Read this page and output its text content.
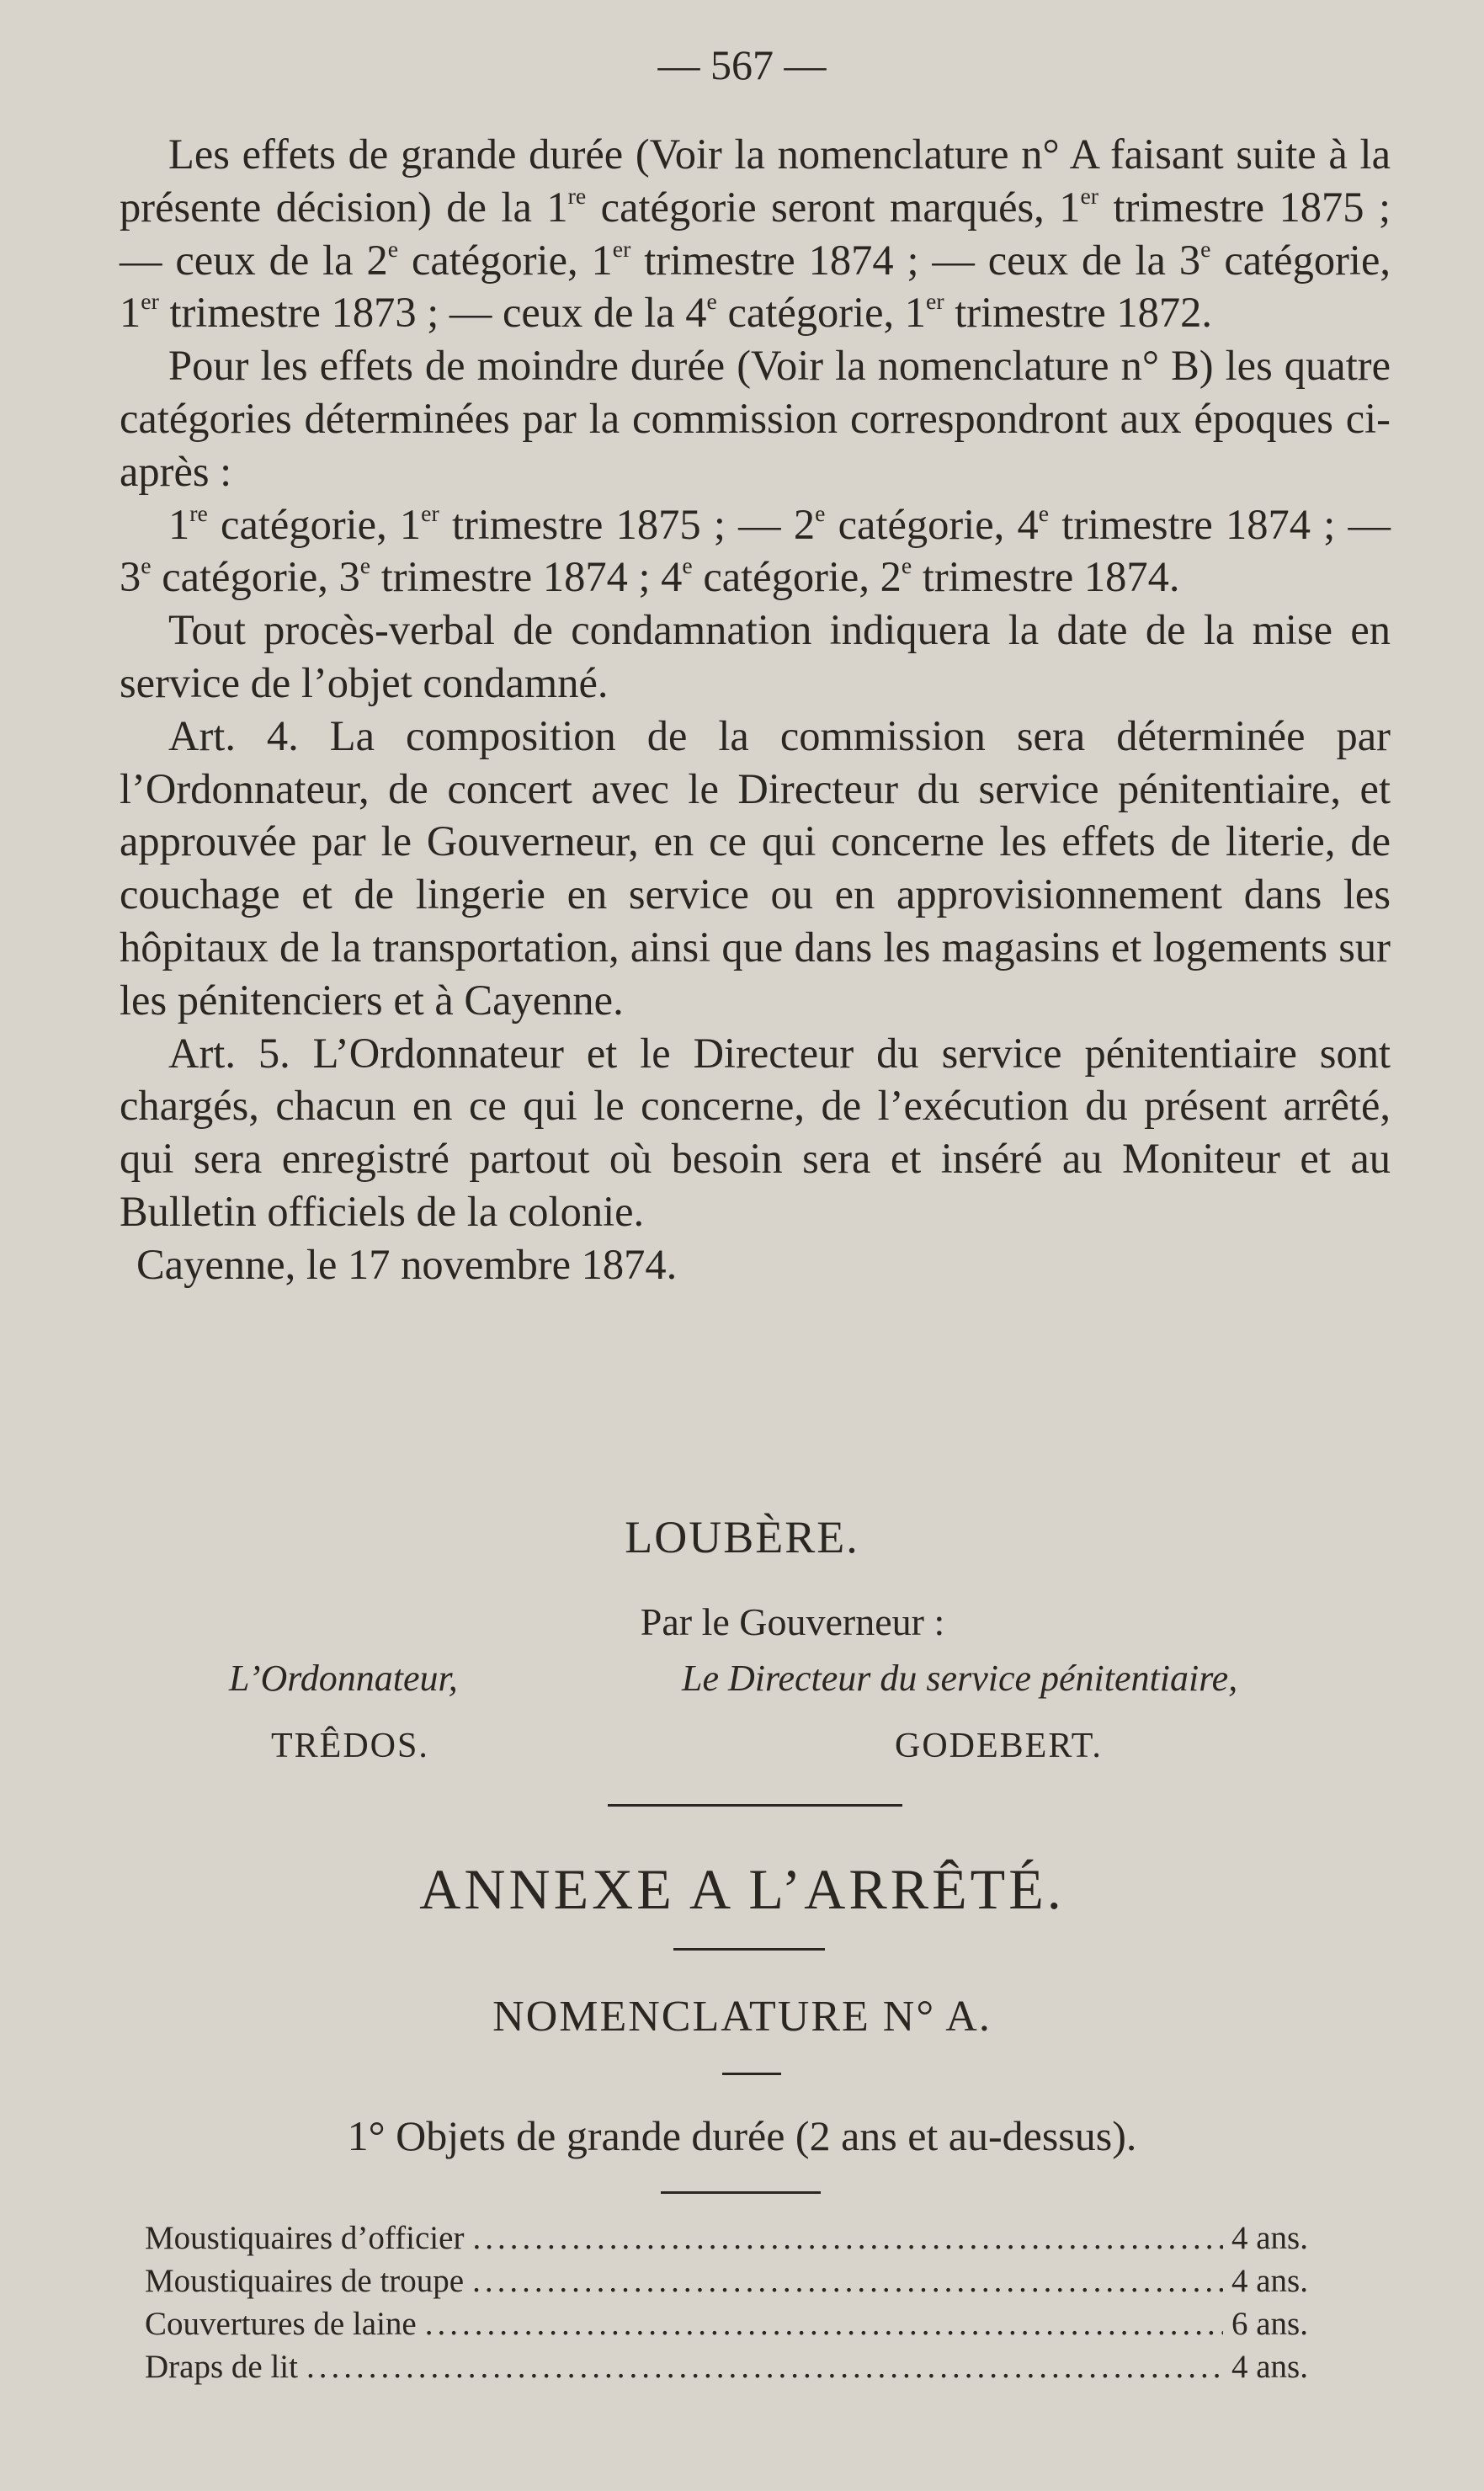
— 567 —

Les effets de grande durée (Voir la nomenclature n° A faisant suite à la présente décision) de la 1re catégorie seront marqués, 1er trimestre 1875 ; — ceux de la 2e catégorie, 1er trimestre 1874 ; — ceux de la 3e catégorie, 1er trimestre 1873 ; — ceux de la 4e catégorie, 1er trimestre 1872.

Pour les effets de moindre durée (Voir la nomenclature n° B) les quatre catégories déterminées par la commission correspondront aux époques ci-après :

1re catégorie, 1er trimestre 1875 ; — 2e catégorie, 4e trimestre 1874 ; — 3e catégorie, 3e trimestre 1874 ; 4e catégorie, 2e trimestre 1874.

Tout procès-verbal de condamnation indiquera la date de la mise en service de l’objet condamné.

Art. 4. La composition de la commission sera déterminée par l’Ordonnateur, de concert avec le Directeur du service pénitentiaire, et approuvée par le Gouverneur, en ce qui concerne les effets de literie, de couchage et de lingerie en service ou en approvisionnement dans les hôpitaux de la transportation, ainsi que dans les magasins et logements sur les pénitenciers et à Cayenne.

Art. 5. L’Ordonnateur et le Directeur du service pénitentiaire sont chargés, chacun en ce qui le concerne, de l’exécution du présent arrêté, qui sera enregistré partout où besoin sera et inséré au Moniteur et au Bulletin officiels de la colonie.

Cayenne, le 17 novembre 1874.

LOUBÈRE.
Par le Gouverneur :
L’Ordonnateur,	Le Directeur du service pénitentiaire,
TRÊDOS.	GODEBERT.
ANNEXE A L’ARRÊTÉ.
NOMENCLATURE N° A.
1° Objets de grande durée (2 ans et au-dessus).
Moustiquaires d’officier .....	4 ans.
Moustiquaires de troupe .....	4 ans.
Couvertures de laine .....	6 ans.
Draps de lit .....	4 ans.
